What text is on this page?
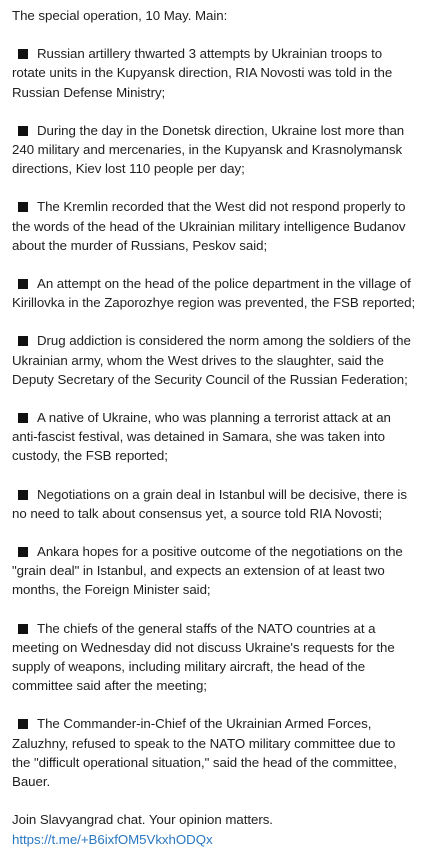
The special operation, 10 May. Main:
Russian artillery thwarted 3 attempts by Ukrainian troops to rotate units in the Kupyansk direction, RIA Novosti was told in the Russian Defense Ministry;
During the day in the Donetsk direction, Ukraine lost more than 240 military and mercenaries, in the Kupyansk and Krasnolymansk directions, Kiev lost 110 people per day;
The Kremlin recorded that the West did not respond properly to the words of the head of the Ukrainian military intelligence Budanov about the murder of Russians, Peskov said;
An attempt on the head of the police department in the village of Kirillovka in the Zaporozhye region was prevented, the FSB reported;
Drug addiction is considered the norm among the soldiers of the Ukrainian army, whom the West drives to the slaughter, said the Deputy Secretary of the Security Council of the Russian Federation;
A native of Ukraine, who was planning a terrorist attack at an anti-fascist festival, was detained in Samara, she was taken into custody, the FSB reported;
Negotiations on a grain deal in Istanbul will be decisive, there is no need to talk about consensus yet, a source told RIA Novosti;
Ankara hopes for a positive outcome of the negotiations on the "grain deal" in Istanbul, and expects an extension of at least two months, the Foreign Minister said;
The chiefs of the general staffs of the NATO countries at a meeting on Wednesday did not discuss Ukraine's requests for the supply of weapons, including military aircraft, the head of the committee said after the meeting;
The Commander-in-Chief of the Ukrainian Armed Forces, Zaluzhny, refused to speak to the NATO military committee due to the "difficult operational situation," said the head of the committee, Bauer.
Join Slavyangrad chat. Your opinion matters.
https://t.me/+B6ixfOM5VkxhODQx
